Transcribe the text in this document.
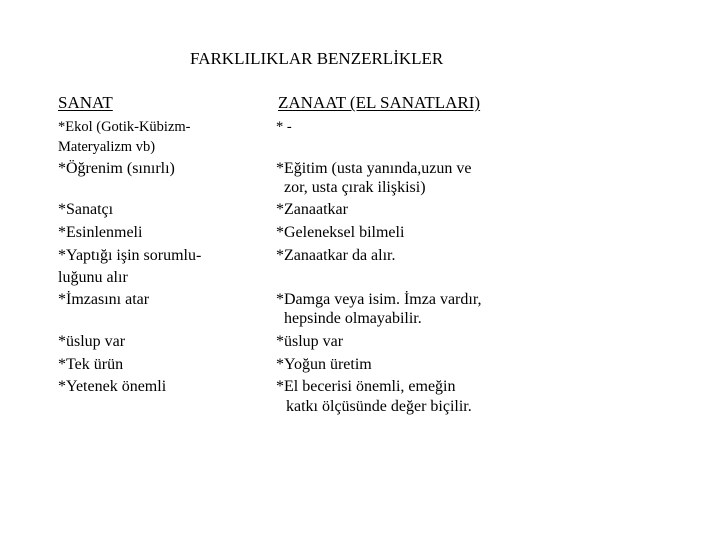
FARKLILIKLAR BENZERLİKLER
SANAT
*Ekol (Gotik-Kübizm-
Materyalizm vb)
*Öğrenim (sınırlı)
*Sanatçı
*Esinlenmeli
*Yaptığı işin sorumlu-
luğunu alır
*İmzasını atar
*üslup var
*Tek ürün
*Yetenek önemli
ZANAAT (EL SANATLARI)
* -
*Eğitim (usta yanında,uzun ve
zor, usta çırak ilişkisi)
*Zanaatkar
*Geleneksel bilmeli
*Zanaatkar da alır.
*Damga veya isim. İmza vardır,
hepsinde olmayabilir.
*üslup var
*Yoğun üretim
*El becerisi önemli, emeğin
katkı ölçüsünde değer biçilir.
